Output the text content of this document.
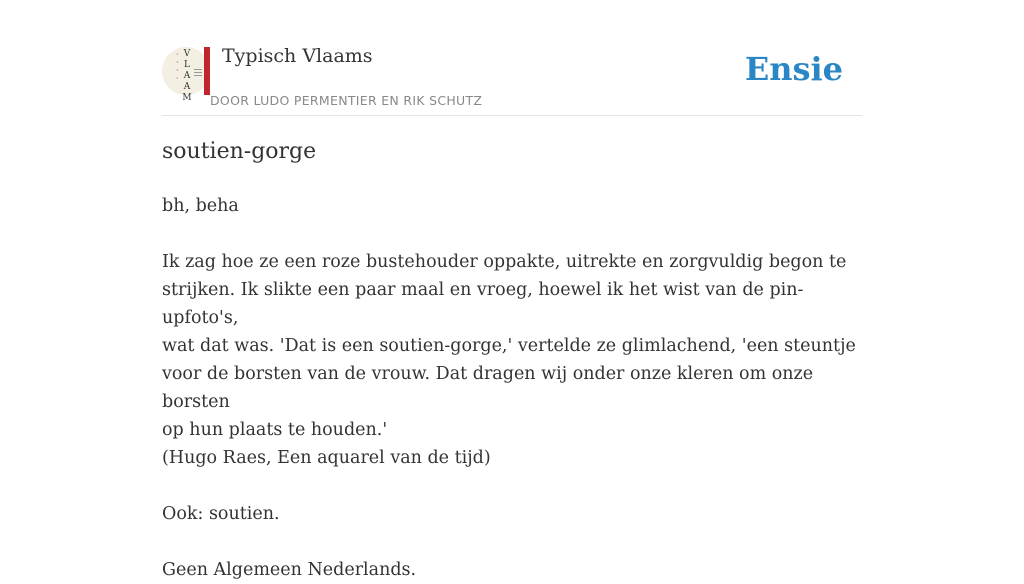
· · · ·
V
L
A
A
M
Typisch Vlaams
DOOR LUDO PERMENTIER EN RIK SCHUTZ
Ensie
soutien-gorge

bh, beha

Ik zag hoe ze een roze bustehouder oppakte, uitrekte en zorgvuldig begon te

strijken. Ik slikte een paar maal en vroeg, hoewel ik het wist van de pin-upfoto's,

wat dat was. 'Dat is een soutien-gorge,' vertelde ze glimlachend, 'een steuntje

voor de borsten van de vrouw. Dat dragen wij onder onze kleren om onze borsten

op hun plaats te houden.'

(Hugo Raes, Een aquarel van de tijd)

Ook: soutien.

Geen Algemeen Nederlands.
